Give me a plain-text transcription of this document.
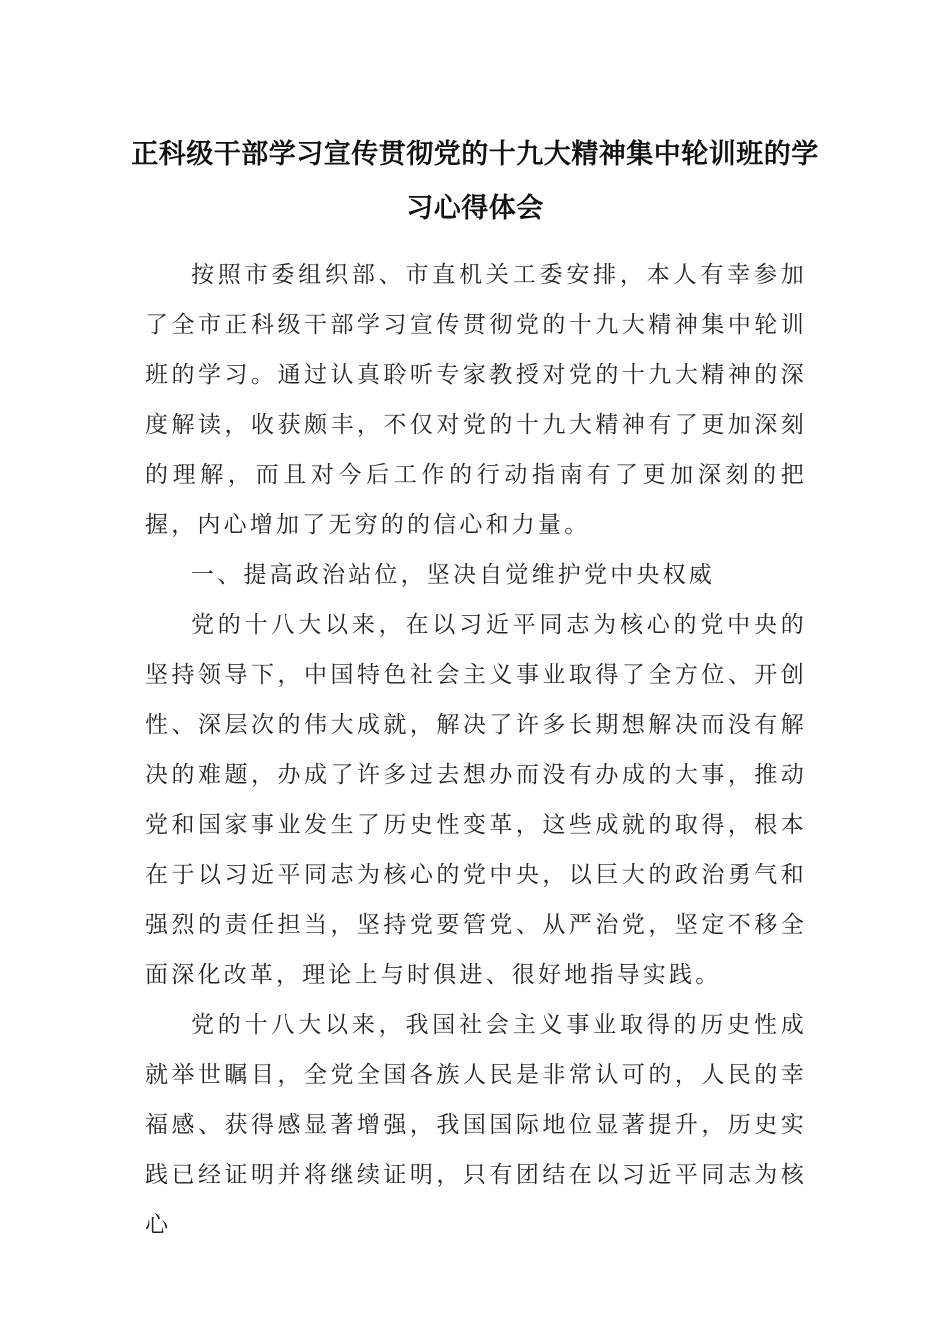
正科级干部学习宣传贯彻党的十九大精神集中轮训班的学习心得体会

按照市委组织部、市直机关工委安排，本人有幸参加了全市正科级干部学习宣传贯彻党的十九大精神集中轮训班的学习。通过认真聆听专家教授对党的十九大精神的深度解读，收获颇丰，不仅对党的十九大精神有了更加深刻的理解，而且对今后工作的行动指南有了更加深刻的把握，内心增加了无穷的的信心和力量。

一、提高政治站位，坚决自觉维护党中央权威

党的十八大以来，在以习近平同志为核心的党中央的坚持领导下，中国特色社会主义事业取得了全方位、开创性、深层次的伟大成就，解决了许多长期想解决而没有解决的难题，办成了许多过去想办而没有办成的大事，推动党和国家事业发生了历史性变革，这些成就的取得，根本在于以习近平同志为核心的党中央，以巨大的政治勇气和强烈的责任担当，坚持党要管党、从严治党，坚定不移全面深化改革，理论上与时俱进、很好地指导实践。

党的十八大以来，我国社会主义事业取得的历史性成就举世瞩目，全党全国各族人民是非常认可的，人民的幸福感、获得感显著增强，我国国际地位显著提升，历史实践已经证明并将继续证明，只有团结在以习近平同志为核心
